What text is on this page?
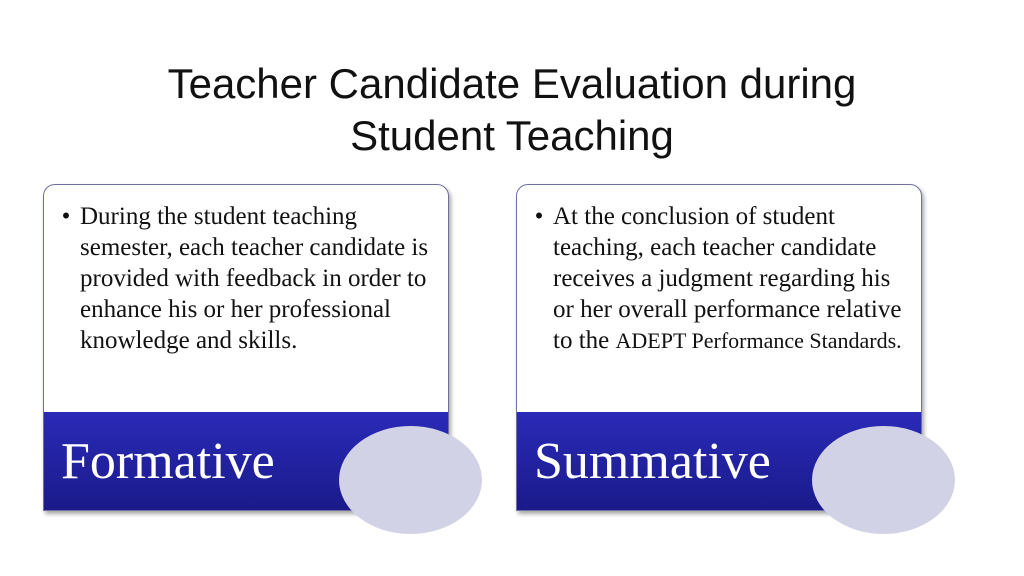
Teacher Candidate Evaluation during
Student Teaching
• During the student teaching semester, each teacher candidate is provided with feedback in order to enhance his or her professional knowledge and skills.
Formative
• At the conclusion of student teaching, each teacher candidate receives a judgment regarding his or her overall performance relative to the ADEPT Performance Standards.
Summative
